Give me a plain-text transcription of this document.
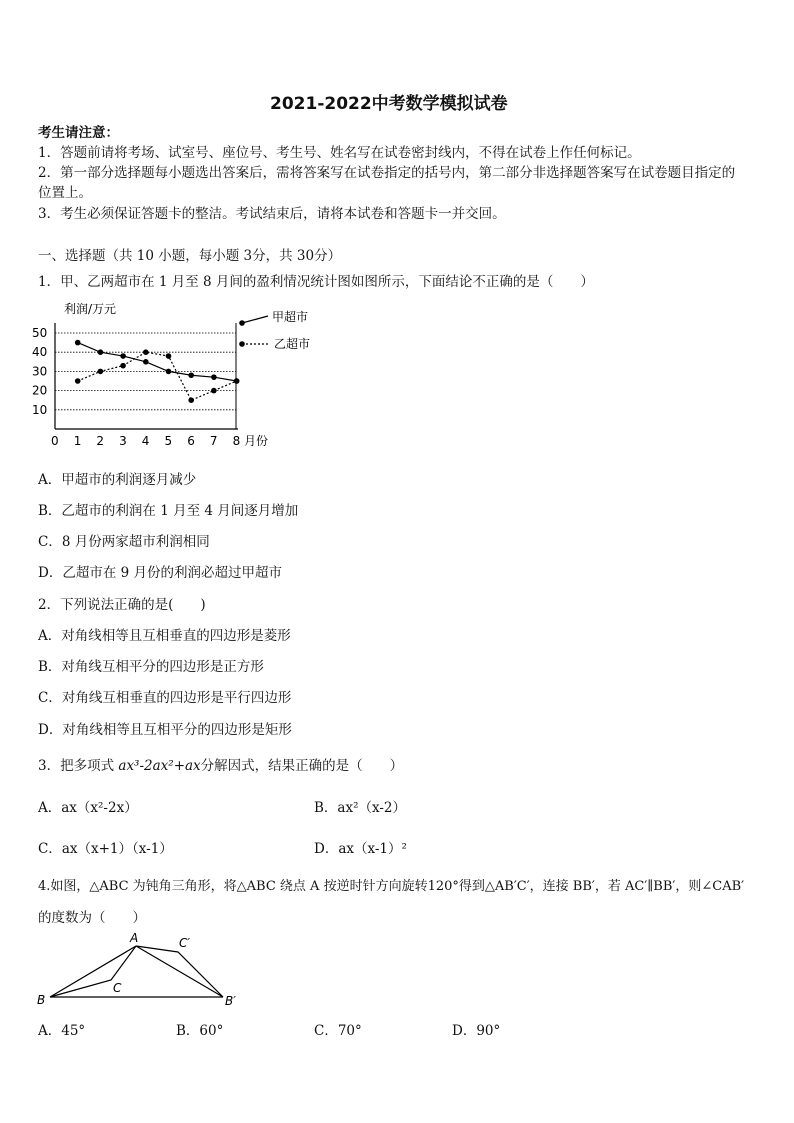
2021-2022中考数学模拟试卷
考生请注意：
1．答题前请将考场、试室号、座位号、考生号、姓名写在试卷密封线内，不得在试卷上作任何标记。
2．第一部分选择题每小题选出答案后，需将答案写在试卷指定的括号内，第二部分非选择题答案写在试卷题目指定的
位置上。
3．考生必须保证答题卡的整洁。考试结束后，请将本试卷和答题卡一并交回。
一、选择题（共 10 小题，每小题 3分，共 30分）
1．甲、乙两超市在 1 月至 8 月间的盈利情况统计图如图所示，下面结论不正确的是（　　）
利润/万元
月份
10
20
30
40
50
0 1 2 3 4 5 6 7 8
甲超市
乙超市
A．甲超市的利润逐月减少
B．乙超市的利润在 1 月至 4 月间逐月增加
C．8 月份两家超市利润相同
D．乙超市在 9 月份的利润必超过甲超市
2．下列说法正确的是(　　)
A．对角线相等且互相垂直的四边形是菱形
B．对角线互相平分的四边形是正方形
C．对角线互相垂直的四边形是平行四边形
D．对角线相等且互相平分的四边形是矩形
3．把多项式 ax³-2ax²+ax分解因式，结果正确的是（　　）
A．ax（x²-2x）	B．ax²（x-2）
C．ax（x+1）（x-1）	D．ax（x-1）²
4.如图，△ABC 为钝角三角形，将△ABC 绕点 A 按逆时针方向旋转120°得到△AB′C′，连接 BB′，若 AC′∥BB′，则∠CAB′
的度数为（　　）
A	C′
C
B	B′
A．45°	B．60°	C．70°	D．90°
